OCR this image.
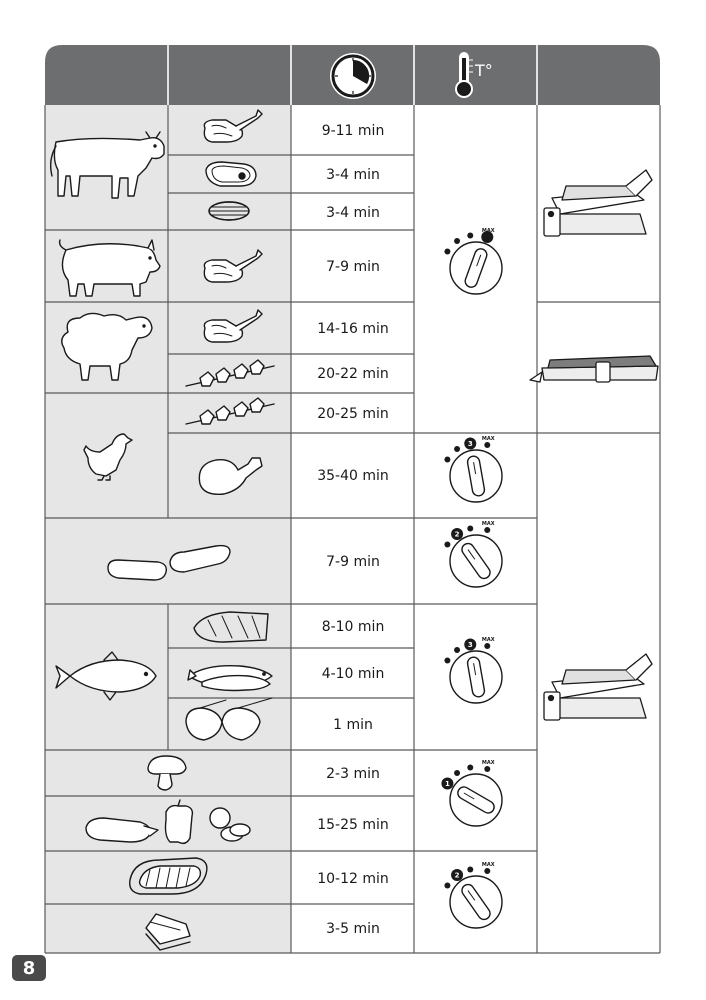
T°
9-11 min
3-4 min
3-4 min
7-9 min
14-16 min
20-22 min
20-25 min
35-40 min
7-9 min
8-10 min
4-10 min
1 min
2-3 min
15-25 min
10-12 min
3-5 min
MAX
3
MAX
2
MAX
3
MAX
1
MAX
2
MAX
8
